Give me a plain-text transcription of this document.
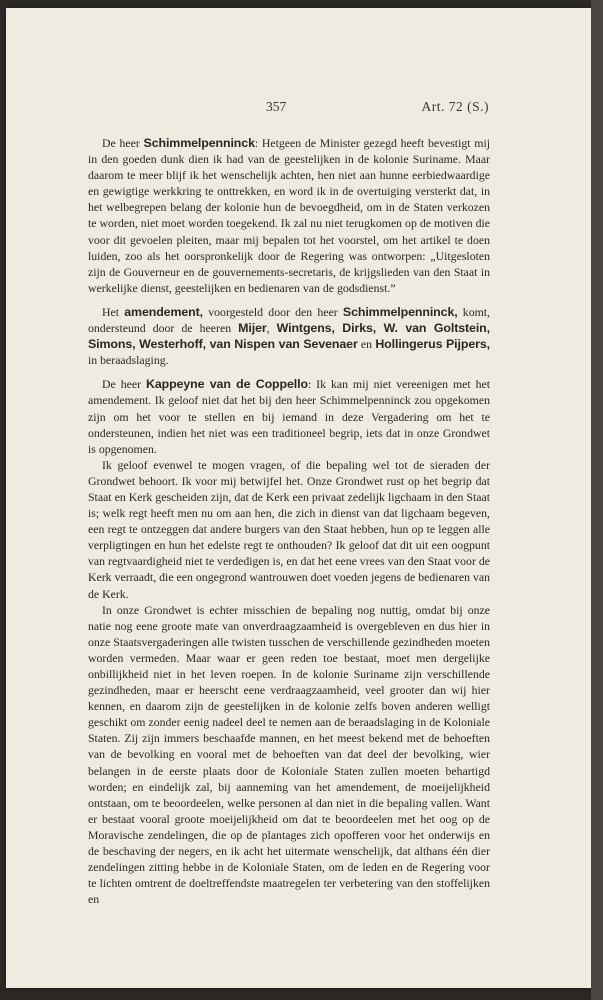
357	Art. 72 (S.)

De heer Schimmelpenninck: Hetgeen de Minister gezegd heeft bevestigt mij in den goeden dunk dien ik had van de geestelijken in de kolonie Suriname. Maar daarom te meer blijf ik het wenschelijk achten, hen niet aan hunne eerbiedwaardige en gewigtige werkkring te onttrekken, en word ik in de overtuiging versterkt dat, in het welbegrepen belang der kolonie hun de bevoegdheid, om in de Staten verkozen te worden, niet moet worden toegekend. Ik zal nu niet terugkomen op de motiven die voor dit gevoelen pleiten, maar mij bepalen tot het voorstel, om het artikel te doen luiden, zoo als het oorspronkelijk door de Regering was ontworpen: „Uitgesloten zijn de Gouverneur en de gouvernements-secretaris, de krijgslieden van den Staat in werkelijke dienst, geestelijken en bedienaren van de godsdienst.”

Het amendement, voorgesteld door den heer Schimmelpenninck, komt, ondersteund door de heeren Mijer, Wintgens, Dirks, W. van Goltstein, Simons, Westerhoff, van Nispen van Sevenaer en Hollingerus Pijpers, in beraadslaging.

De heer Kappeyne van de Coppello: Ik kan mij niet vereenigen met het amendement. Ik geloof niet dat het bij den heer Schimmelpenninck zou opgekomen zijn om het voor te stellen en bij iemand in deze Vergadering om het te ondersteunen, indien het niet was een traditioneel begrip, iets dat in onze Grondwet is opgenomen.

Ik geloof evenwel te mogen vragen, of die bepaling wel tot de sieraden der Grondwet behoort. Ik voor mij betwijfel het. Onze Grondwet rust op het begrip dat Staat en Kerk gescheiden zijn, dat de Kerk een privaat zedelijk ligchaam in den Staat is; welk regt heeft men nu om aan hen, die zich in dienst van dat ligchaam begeven, een regt te ontzeggen dat andere burgers van den Staat hebben, hun op te leggen alle verpligtingen en hun het edelste regt te onthouden? Ik geloof dat dit uit een oogpunt van regtvaardigheid niet te verdedigen is, en dat het eene vrees van den Staat voor de Kerk verraadt, die een ongegrond wantrouwen doet voeden jegens de bedienaren van de Kerk.

In onze Grondwet is echter misschien de bepaling nog nuttig, omdat bij onze natie nog eene groote mate van onverdraagzaamheid is overgebleven en dus hier in onze Staatsvergaderingen alle twisten tusschen de verschillende gezindheden moeten worden vermeden. Maar waar er geen reden toe bestaat, moet men dergelijke onbillijkheid niet in het leven roepen. In de kolonie Suriname zijn verschillende gezindheden, maar er heerscht eene verdraagzaamheid, veel grooter dan wij hier kennen, en daarom zijn de geestelijken in de kolonie zelfs boven anderen welligt geschikt om zonder eenig nadeel deel te nemen aan de beraadslaging in de Koloniale Staten. Zij zijn immers beschaafde mannen, en het meest bekend met de behoeften van de bevolking en vooral met de behoeften van dat deel der bevolking, wier belangen in de eerste plaats door de Koloniale Staten zullen moeten behartigd worden; en eindelijk zal, bij aanneming van het amendement, de moeijelijkheid ontstaan, om te beoordeelen, welke personen al dan niet in die bepaling vallen. Want er bestaat vooral groote moeijelijkheid om dat te beoordeelen met het oog op de Moravische zendelingen, die op de plantages zich opofferen voor het onderwijs en de beschaving der negers, en ik acht het uitermate wenschelijk, dat althans één dier zendelingen zitting hebbe in de Koloniale Staten, om de leden en de Regering voor te lichten omtrent de doeltreffendste maatregelen ter verbetering van den stoffelijken en
